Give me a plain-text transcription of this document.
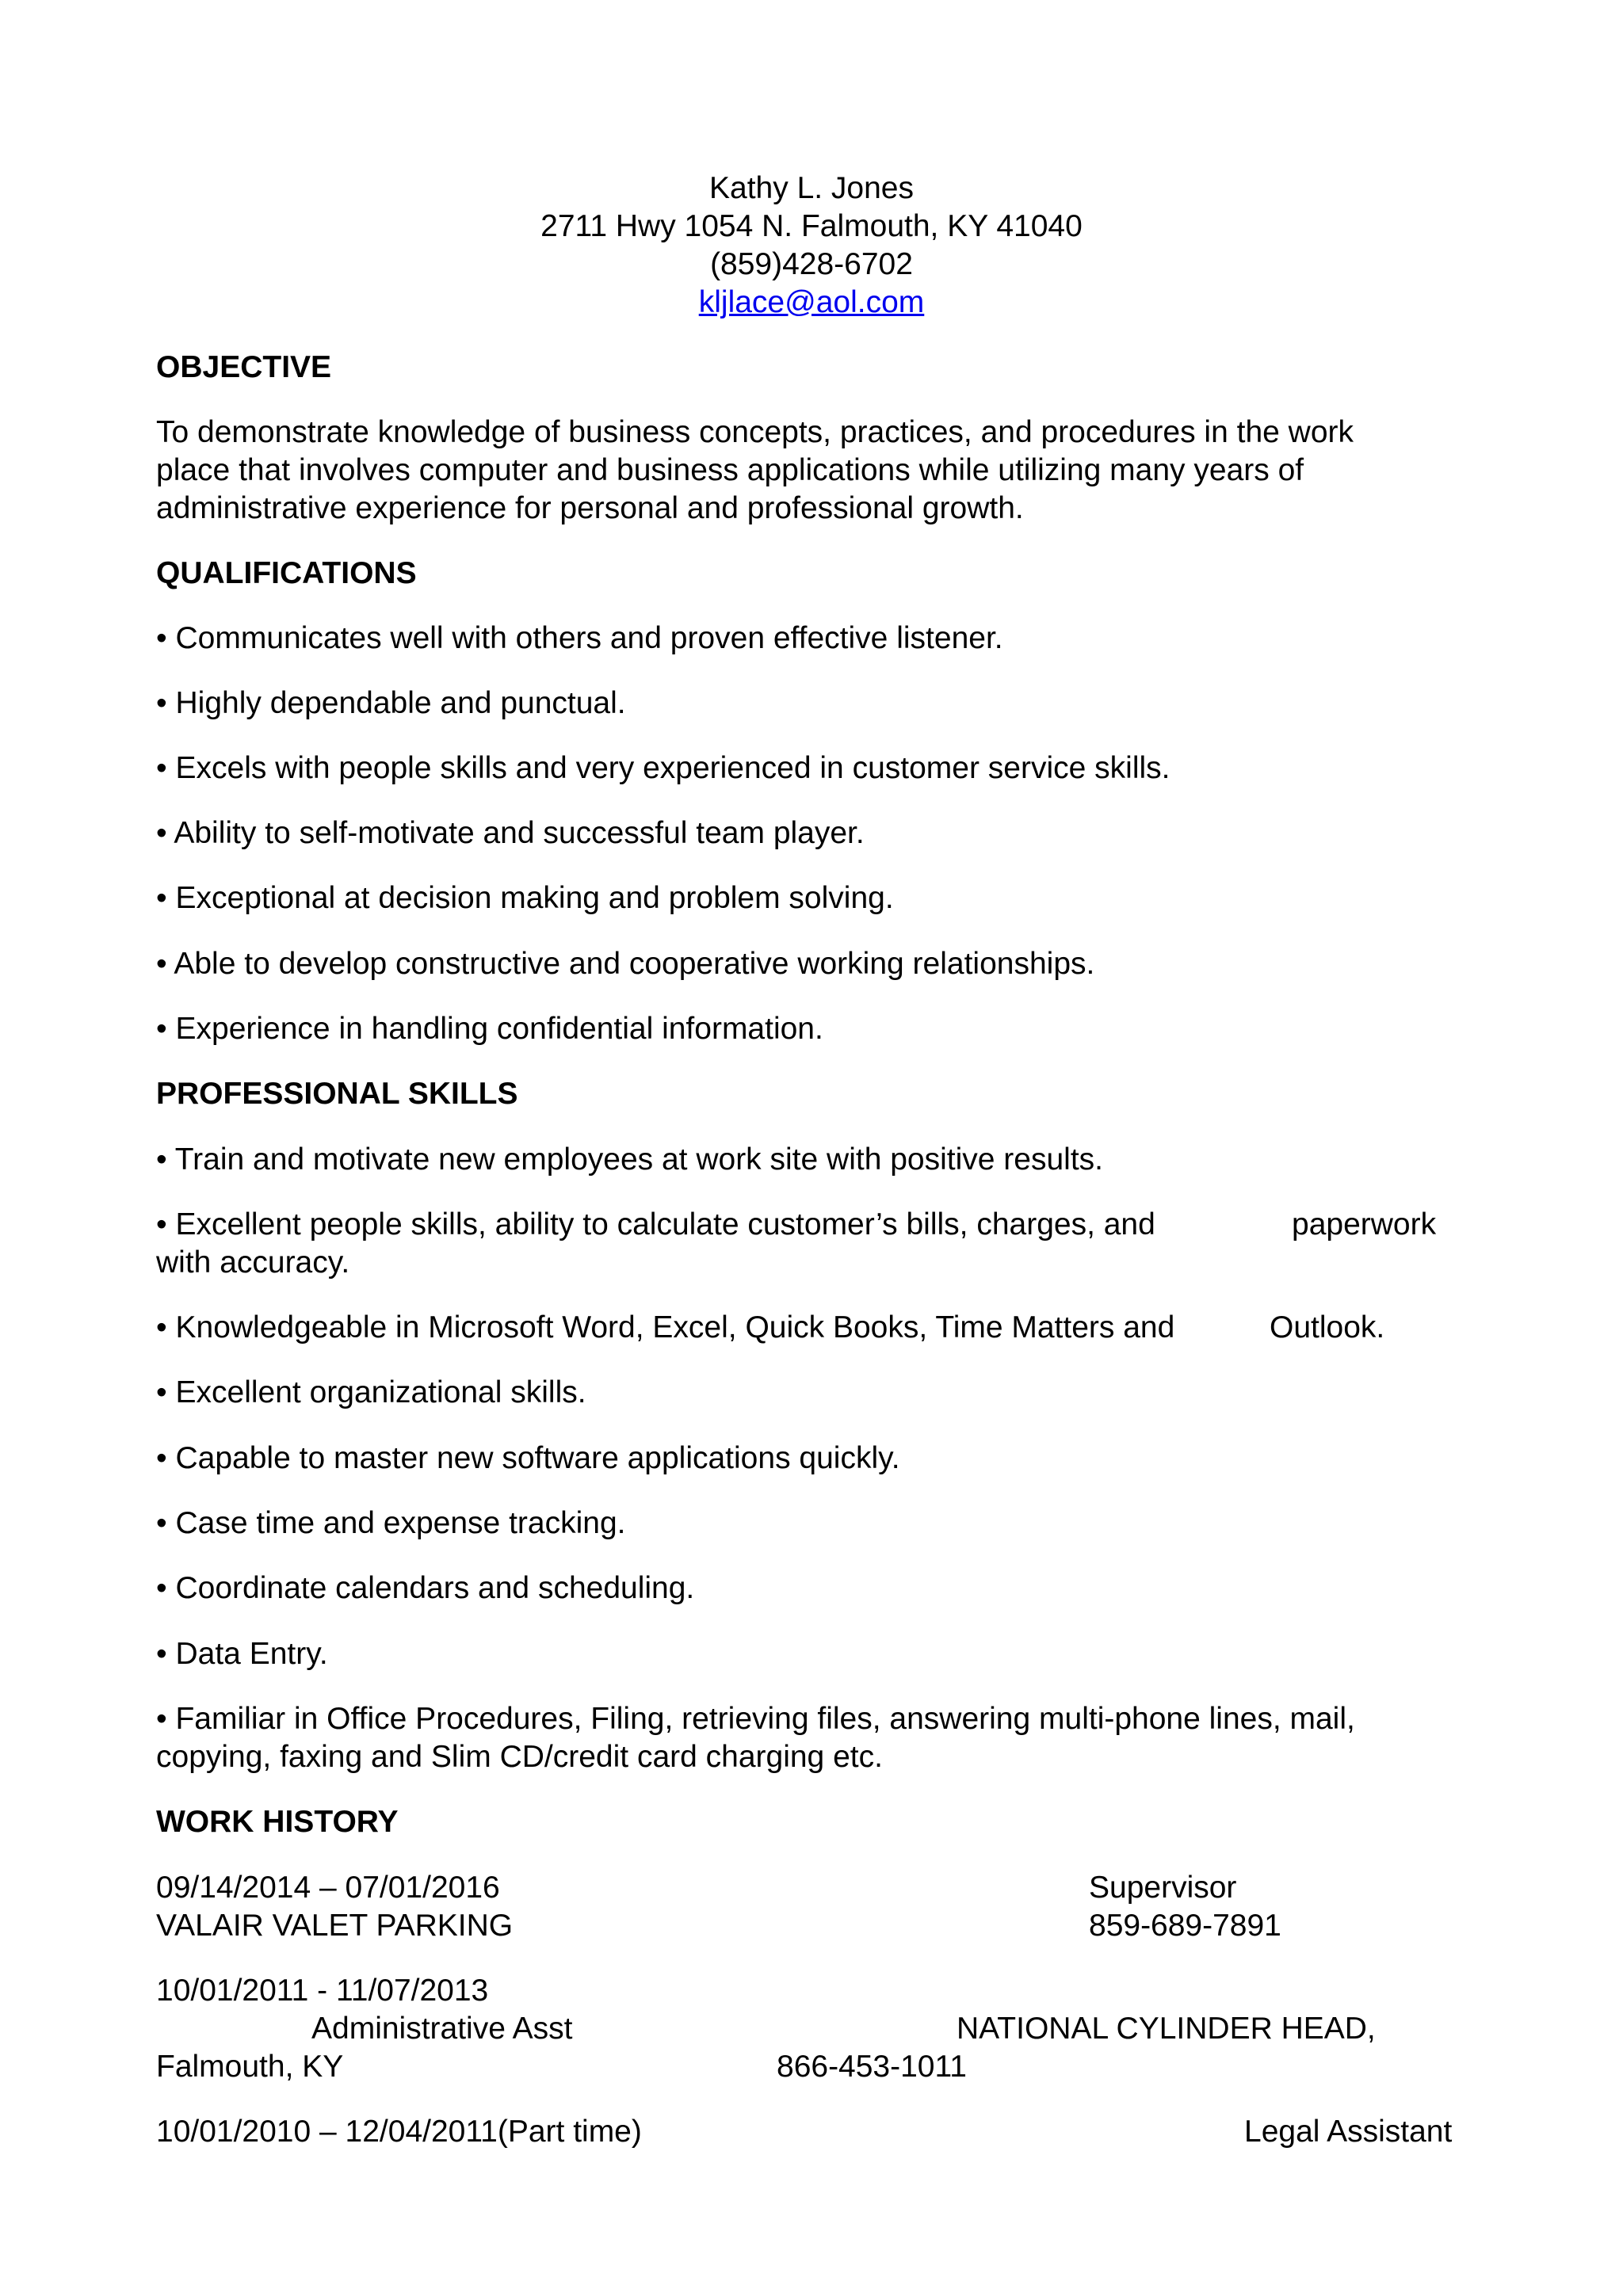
Kathy L. Jones
2711 Hwy 1054 N. Falmouth, KY 41040
(859)428-6702
kljlace@aol.com
OBJECTIVE
To demonstrate knowledge of business concepts, practices, and procedures in the work
place that involves computer and business applications while utilizing many years of
administrative experience for personal and professional growth.
QUALIFICATIONS
• Communicates well with others and proven effective listener.
• Highly dependable and punctual.
• Excels with people skills and very experienced in customer service skills.
• Ability to self-motivate and successful team player.
• Exceptional at decision making and problem solving.
• Able to develop constructive and cooperative working relationships.
• Experience in handling confidential information.
PROFESSIONAL SKILLS
• Train and motivate new employees at work site with positive results.
• Excellent people skills, ability to calculate customer’s bills, charges, and	paperwork
with accuracy.
• Knowledgeable in Microsoft Word, Excel, Quick Books, Time Matters and	Outlook.
• Excellent organizational skills.
• Capable to master new software applications quickly.
• Case time and expense tracking.
• Coordinate calendars and scheduling.
• Data Entry.
• Familiar in Office Procedures, Filing, retrieving files, answering multi-phone lines, mail,
copying, faxing and Slim CD/credit card charging etc.
WORK HISTORY
09/14/2014 – 07/01/2016	Supervisor
VALAIR VALET PARKING	859-689-7891
10/01/2011 - 11/07/2013
Administrative Asst	NATIONAL CYLINDER HEAD,
Falmouth, KY	866-453-1011
10/01/2010 – 12/04/2011(Part time)	Legal Assistant
